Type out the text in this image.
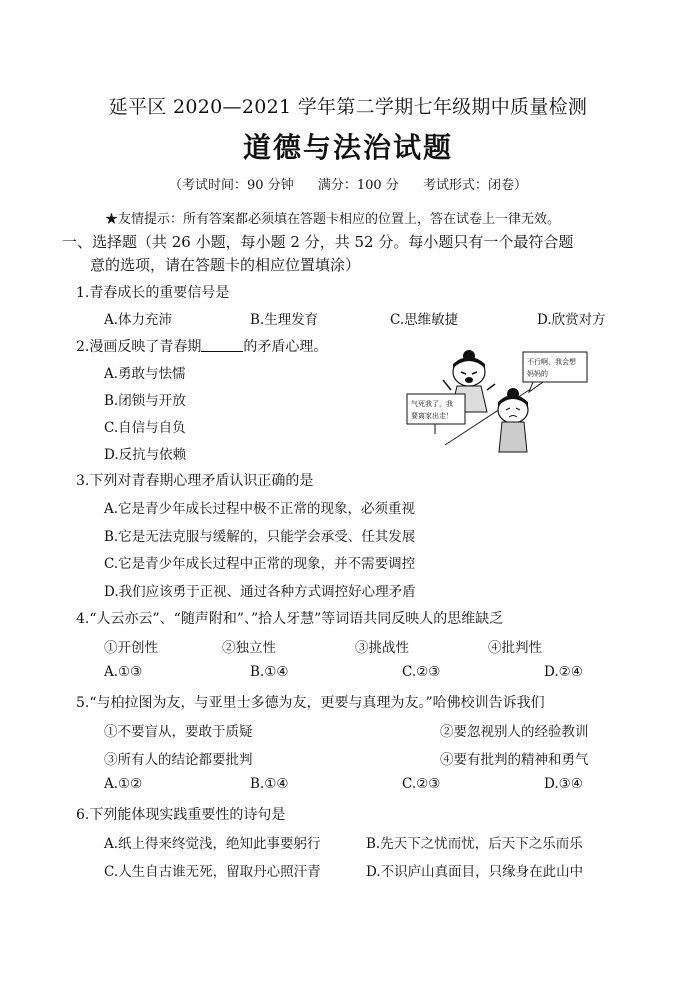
延平区 2020—2021 学年第二学期七年级期中质量检测
道德与法治试题
（考试时间：90 分钟 满分：100 分 考试形式：闭卷）
★友情提示：所有答案都必须填在答题卡相应的位置上，答在试卷上一律无效。
一、选择题（共 26 小题，每小题 2 分，共 52 分。每小题只有一个最符合题
意的选项，请在答题卡的相应位置填涂）
1.青春成长的重要信号是
A.体力充沛	B.生理发育	C.思维敏捷	D.欣赏对方
2.漫画反映了青春期	的矛盾心理。
A.勇敢与怯懦
B.闭锁与开放
C.自信与自负
D.反抗与依赖
气死我了，我
要离家出走！
不行啊，我会想
妈妈的
3.下列对青春期心理矛盾认识正确的是
A.它是青少年成长过程中极不正常的现象，必须重视
B.它是无法克服与缓解的，只能学会承受、任其发展
C.它是青少年成长过程中正常的现象，并不需要调控
D.我们应该勇于正视、通过各种方式调控好心理矛盾
4.“人云亦云”、“随声附和”、”拾人牙慧”等词语共同反映人的思维缺乏
①开创性	②独立性	③挑战性	④批判性
A.①③	B.①④	C.②③	D.②④
5.“与柏拉图为友，与亚里士多德为友，更要与真理为友。”哈佛校训告诉我们
①不要盲从，要敢于质疑	②要忽视别人的经验教训
③所有人的结论都要批判	④要有批判的精神和勇气
A.①②	B.①④	C.②③	D.③④
6.下列能体现实践重要性的诗句是
A.纸上得来终觉浅，绝知此事要躬行	B.先天下之忧而忧，后天下之乐而乐
C.人生自古谁无死，留取丹心照汗青	D.不识庐山真面目，只缘身在此山中
